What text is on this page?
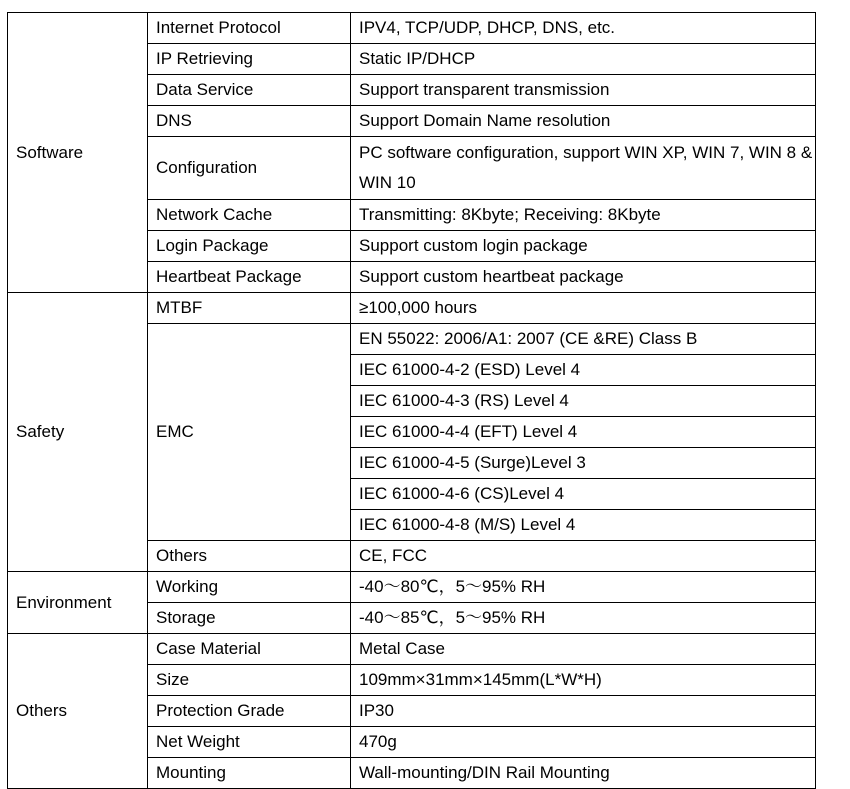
Software	Internet Protocol	IPV4, TCP/UDP, DHCP, DNS, etc.
	IP Retrieving	Static IP/DHCP
	Data Service	Support transparent transmission
	DNS	Support Domain Name resolution
	Configuration	PC software configuration, support WIN XP, WIN 7, WIN 8 & WIN 10
	Network Cache	Transmitting: 8Kbyte; Receiving: 8Kbyte
	Login Package	Support custom login package
	Heartbeat Package	Support custom heartbeat package
Safety	MTBF	≥100,000 hours
	EMC	EN 55022: 2006/A1: 2007 (CE &RE) Class B
		IEC 61000-4-2 (ESD) Level 4
		IEC 61000-4-3 (RS) Level 4
		IEC 61000-4-4 (EFT) Level 4
		IEC 61000-4-5 (Surge)Level 3
		IEC 61000-4-6 (CS)Level 4
		IEC 61000-4-8 (M/S) Level 4
	Others	CE, FCC
Environment	Working	-40～80℃，5～95% RH
	Storage	-40～85℃，5～95% RH
Others	Case Material	Metal Case
	Size	109mm×31mm×145mm(L*W*H)
	Protection Grade	IP30
	Net Weight	470g
	Mounting	Wall-mounting/DIN Rail Mounting
